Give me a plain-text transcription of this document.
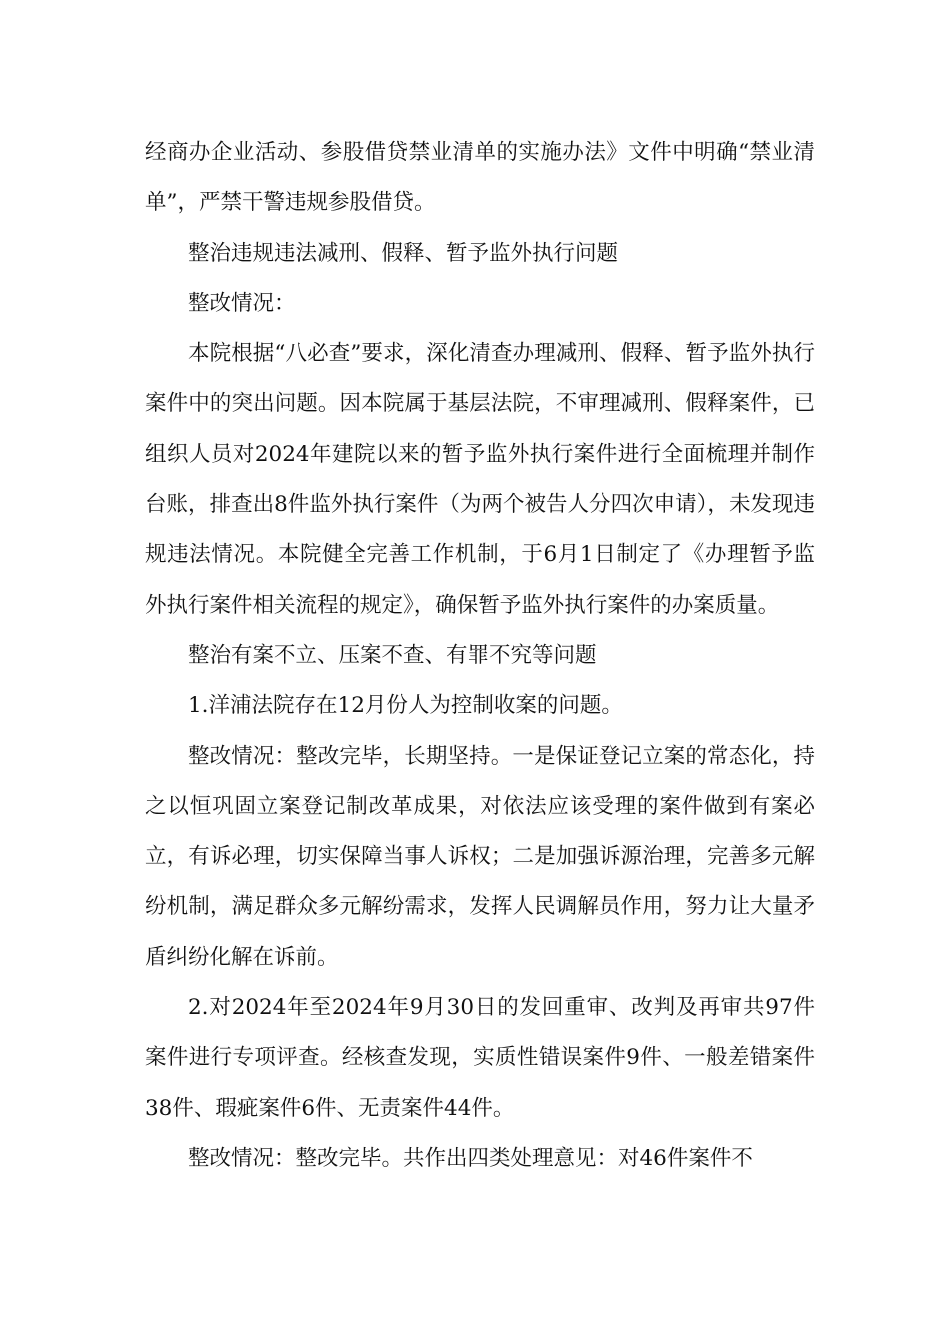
经商办企业活动、参股借贷禁业清单的实施办法》文件中明确“禁业清单”，严禁干警违规参股借贷。

整治违规违法减刑、假释、暂予监外执行问题

整改情况：

本院根据“八必查”要求，深化清查办理减刑、假释、暂予监外执行案件中的突出问题。因本院属于基层法院，不审理减刑、假释案件，已组织人员对2024年建院以来的暂予监外执行案件进行全面梳理并制作台账，排查出8件监外执行案件（为两个被告人分四次申请），未发现违规违法情况。本院健全完善工作机制，于6月1日制定了《办理暂予监外执行案件相关流程的规定》，确保暂予监外执行案件的办案质量。

整治有案不立、压案不查、有罪不究等问题

1.洋浦法院存在12月份人为控制收案的问题。

整改情况：整改完毕，长期坚持。一是保证登记立案的常态化，持之以恒巩固立案登记制改革成果，对依法应该受理的案件做到有案必立，有诉必理，切实保障当事人诉权；二是加强诉源治理，完善多元解纷机制，满足群众多元解纷需求，发挥人民调解员作用，努力让大量矛盾纠纷化解在诉前。

2.对2024年至2024年9月30日的发回重审、改判及再审共97件案件进行专项评查。经核查发现，实质性错误案件9件、一般差错案件38件、瑕疵案件6件、无责案件44件。

整改情况：整改完毕。共作出四类处理意见：对46件案件不
